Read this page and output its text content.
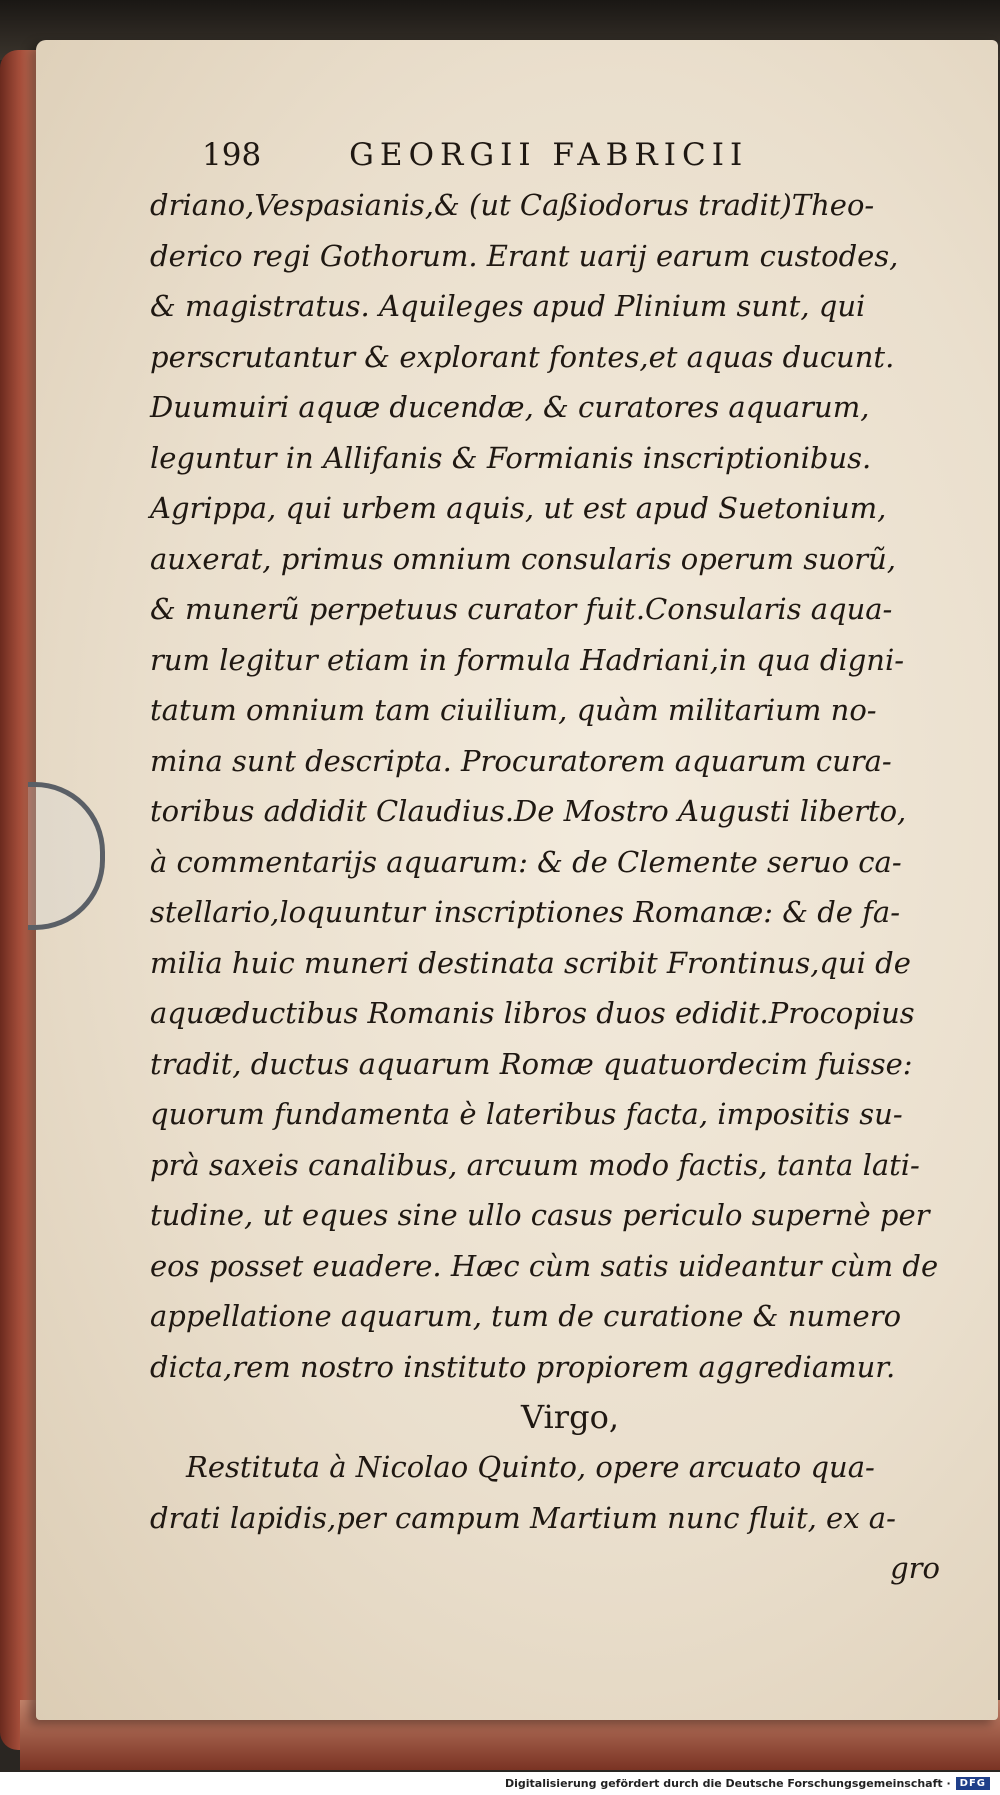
198	GEORGII FABRICII
driano,Vespasianis,& (ut Caßiodorus tradit)Theo-
derico regi Gothorum. Erant uarij earum custodes,
& magistratus. Aquileges apud Plinium sunt, qui
perscrutantur & explorant fontes,et aquas ducunt.
Duumuiri aquæ ducendæ, & curatores aquarum,
leguntur in Allifanis & Formianis inscriptionibus.
Agrippa, qui urbem aquis, ut est apud Suetonium,
auxerat, primus omnium consularis operum suorũ,
& munerũ perpetuus curator fuit.Consularis aqua-
rum legitur etiam in formula Hadriani,in qua digni-
tatum omnium tam ciuilium, quàm militarium no-
mina sunt descripta. Procuratorem aquarum cura-
toribus addidit Claudius.De Mostro Augusti liberto,
à commentarijs aquarum: & de Clemente seruo ca-
stellario,loquuntur inscriptiones Romanæ: & de fa-
milia huic muneri destinata scribit Frontinus,qui de
aquæductibus Romanis libros duos edidit.Procopius
tradit, ductus aquarum Romæ quatuordecim fuisse:
quorum fundamenta è lateribus facta, impositis su-
prà saxeis canalibus, arcuum modo factis, tanta lati-
tudine, ut eques sine ullo casus periculo supernè per
eos posset euadere. Hæc cùm satis uideantur cùm de
appellatione aquarum, tum de curatione & numero
dicta,rem nostro instituto propiorem aggrediamur.
Virgo,
Restituta à Nicolao Quinto, opere arcuato qua-
drati lapidis,per campum Martium nunc fluit, ex a-
gro
Digitalisierung gefördert durch die Deutsche Forschungsgemeinschaft · DFG
